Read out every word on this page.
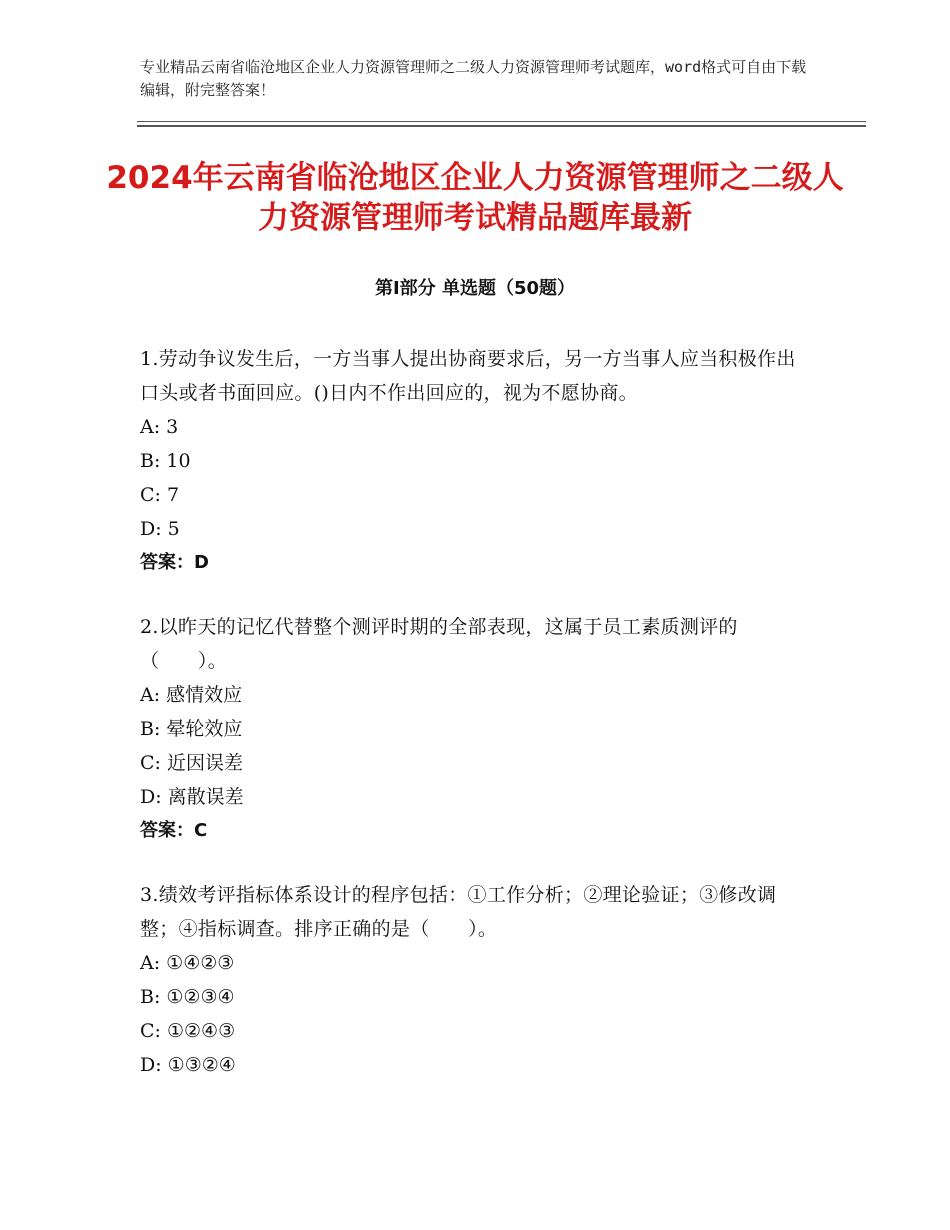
专业精品云南省临沧地区企业人力资源管理师之二级人力资源管理师考试题库，word格式可自由下载编辑，附完整答案！
2024年云南省临沧地区企业人力资源管理师之二级人力资源管理师考试精品题库最新
第Ⅰ部分 单选题（50题）
1.劳动争议发生后，一方当事人提出协商要求后，另一方当事人应当积极作出口头或者书面回应。()日内不作出回应的，视为不愿协商。
A: 3
B: 10
C: 7
D: 5
答案：D
2.以昨天的记忆代替整个测评时期的全部表现，这属于员工素质测评的（　　）。
A: 感情效应
B: 晕轮效应
C: 近因误差
D: 离散误差
答案：C
3.绩效考评指标体系设计的程序包括：①工作分析；②理论验证；③修改调整；④指标调查。排序正确的是（　　）。
A: ①④②③
B: ①②③④
C: ①②④③
D: ①③②④
